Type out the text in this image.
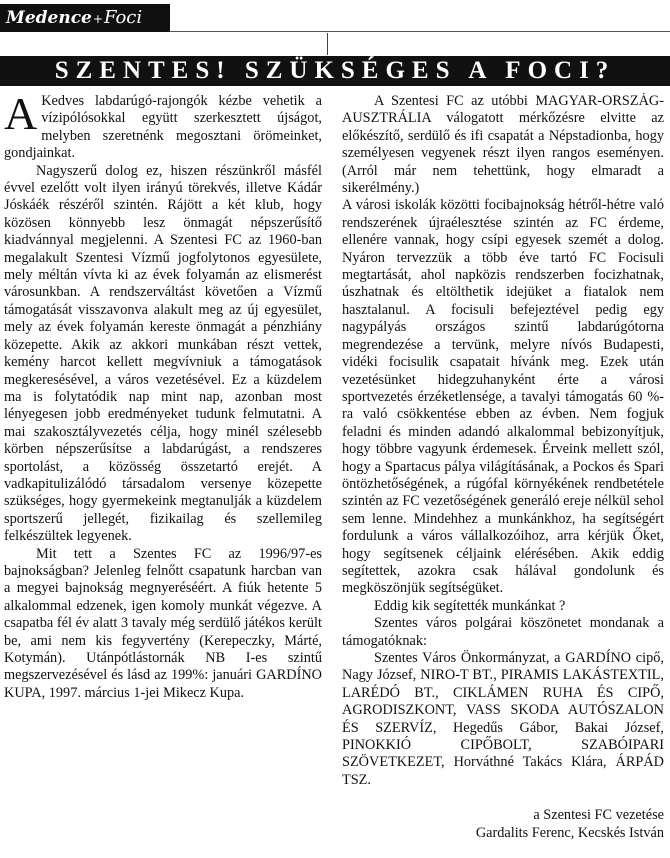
Medence+Foci
SZENTES! SZÜKSÉGES A FOCI?

A Kedves labdarúgó-rajongók kézbe vehetik a vízipólósokkal együtt szerkesztett újságot, melyben szeretnénk megosztani örömeinket, gondjainkat.

Nagyszerű dolog ez, hiszen részünkről másfél évvel ezelőtt volt ilyen irányú törekvés, illetve Kádár Jóskáék részéről szintén. Rájött a két klub, hogy közösen könnyebb lesz önmagát népszerűsítő kiadvánnyal megjelenni. A Szentesi FC az 1960-ban megalakult Szentesi Vízmű jogfolytonos egyesülete, mely méltán vívta ki az évek folyamán az elismerést városunkban. A rendszerváltást követően a Vízmű támogatását visszavonva alakult meg az új egyesület, mely az évek folyamán kereste önmagát a pénzhiány közepette. Akik az akkori munkában részt vettek, kemény harcot kellett megvívniuk a támogatások megkeresésével, a város vezetésével. Ez a küzdelem ma is folytatódik nap mint nap, azonban most lényegesen jobb eredményeket tudunk felmutatni. A mai szakosztályvezetés célja, hogy minél szélesebb körben népszerűsítse a labdarúgást, a rendszeres sportolást, a közösség összetartó erejét. A vadkapitulizálódó társadalom versenye közepette szükséges, hogy gyermekeink megtanulják a küzdelem sportszerű jellegét, fizikailag és szellemileg felkészültek legyenek.

Mit tett a Szentes FC az 1996/97-es bajnokságban? Jelenleg felnőtt csapatunk harcban van a megyei bajnokság megnyeréséért. A fiúk hetente 5 alkalommal edzenek, igen komoly munkát végezve. A csapatba fél év alatt 3 tavaly még serdülő játékos került be, ami nem kis fegyvertény (Kerepeczky, Márté, Kotymán). Utánpótlástornák NB I-es szintű megszervezésével és lásd az 199%: januári GARDÍNO KUPA, 1997. március 1-jei Mikecz Kupa.

A Szentesi FC az utóbbi MAGYAR-ORSZÁG-AUSZTRÁLIA válogatott mérkőzésre elvitte az előkészítő, serdülő és ifi csapatát a Népstadionba, hogy személyesen vegyenek részt ilyen rangos eseményen. (Arról már nem tehettünk, hogy elmaradt a sikerélmény.)

A városi iskolák közötti focibajnokság hétről-hétre való rendszerének újraélesztése szintén az FC érdeme, ellenére vannak, hogy csípi egyesek szemét a dolog. Nyáron tervezzük a több éve tartó FC Focisuli megtartását, ahol napközis rendszerben focizhatnak, úszhatnak és eltölthetik idejüket a fiatalok nem hasztalanul. A focisuli befejeztével pedig egy nagypályás országos szintű labdarúgótorna megrendezése a tervünk, melyre nívós Budapesti, vidéki focisulik csapatait hívánk meg. Ezek után vezetésünket hidegzuhanyként érte a városi sportvezetés érzéketlensége, a tavalyi támogatás 60 %-ra való csökkentése ebben az évben. Nem fogjuk feladni és minden adandó alkalommal bebizonyítjuk, hogy többre vagyunk érdemesek. Érveink mellett szól, hogy a Spartacus pálya világításának, a Pockos és Spari öntözhetőségének, a rúgófal környékének rendbetétele szintén az FC vezetőségének generáló ereje nélkül sehol sem lenne. Mindehhez a munkánkhoz, ha segítségért fordulunk a város vállalkozóihoz, arra kérjük Őket, hogy segítsenek céljaink elérésében. Akik eddig segítettek, azokra csak hálával gondolunk és megköszönjük segítségüket.

Eddig kik segítették munkánkat ?

Szentes város polgárai köszönetet mondanak a támogatóknak:

Szentes Város Önkormányzat, a GARDÍNO cipő, Nagy József, NIRO-T BT., PIRAMIS LAKÁSTEXTIL, LARÉDÓ BT., CIKLÁMEN RUHA ÉS CIPŐ, AGRODISZKONT, VASS SKODA AUTÓSZALON ÉS SZERVÍZ, Hegedűs Gábor, Bakai József, PINOKKIÓ CIPŐBOLT, SZABÓIPARI SZÖVETKEZET, Horváthné Takács Klára, ÁRPÁD TSZ.

a Szentesi FC vezetése

Gardalits Ferenc, Kecskés István
